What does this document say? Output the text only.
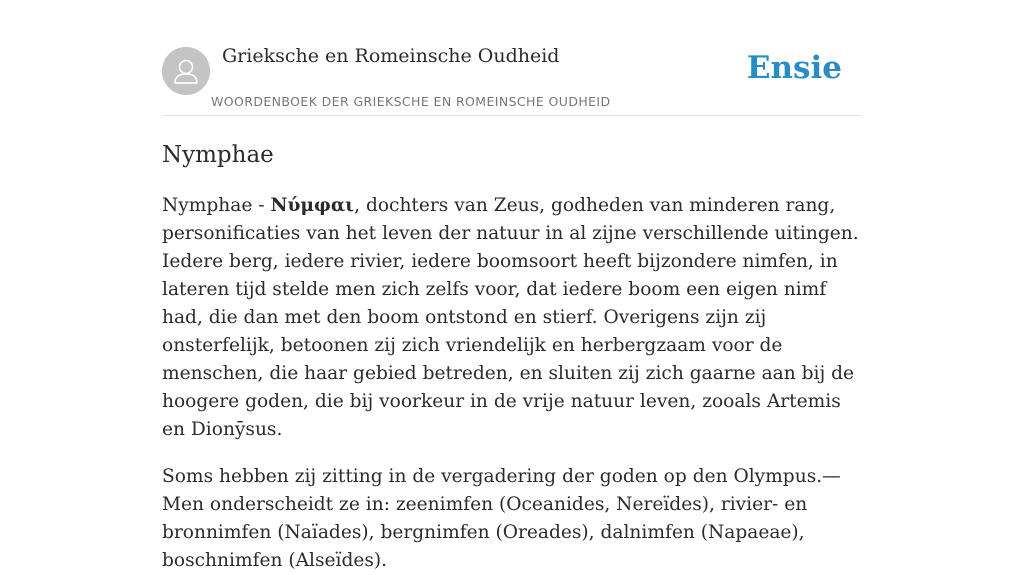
Grieksche en Romeinsche Oudheid
WOORDENBOEK DER GRIEKSCHE EN ROMEINSCHE OUDHEID
Ensie
Nymphae

Nymphae - Νύμφαι, dochters van Zeus, godheden van minderen rang, personificaties van het leven der natuur in al zijne verschillende uitingen. Iedere berg, iedere rivier, iedere boomsoort heeft bijzondere nimfen, in lateren tijd stelde men zich zelfs voor, dat iedere boom een eigen nimf had, die dan met den boom ontstond en stierf. Overigens zijn zij onsterfelijk, betoonen zij zich vriendelijk en herbergzaam voor de menschen, die haar gebied betreden, en sluiten zij zich gaarne aan bij de hoogere goden, die bij voorkeur in de vrije natuur leven, zooals Artemis en Dionȳsus.

Soms hebben zij zitting in de vergadering der goden op den Olympus.—Men onderscheidt ze in: zeenimfen (Oceanides, Nereïdes), rivier- en bronnimfen (Naïades), bergnimfen (Oreades), dalnimfen (Napaeae), boschnimfen (Alseïdes).
